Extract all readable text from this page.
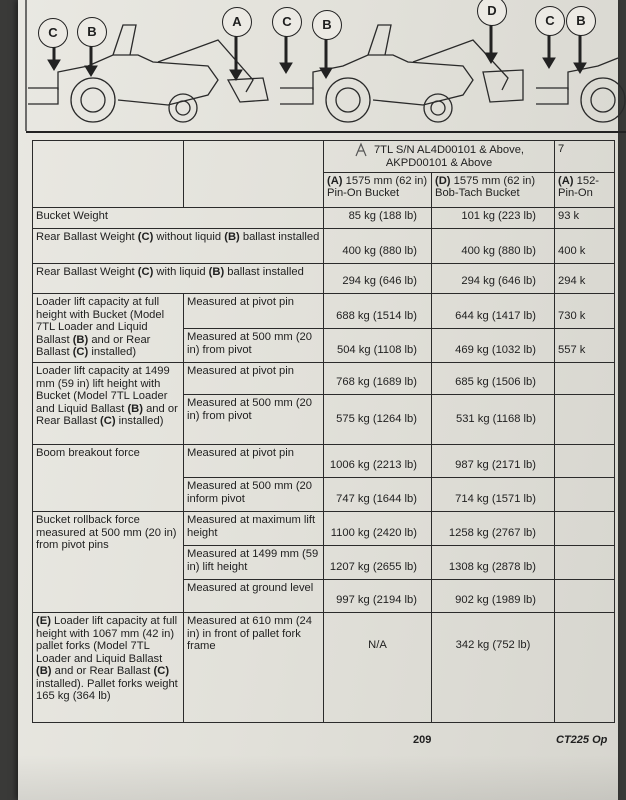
C	B
A	C	B
D
C	B
		7TL S/N AL4D00101 & Above,
AKPD00101 & Above		7
		(A) 1575 mm (62 in) Pin-On Bucket	(D) 1575 mm (62 in) Bob-Tach Bucket	(A) 152- Pin-On
Bucket Weight		85 kg (188 lb)	101 kg (223 lb)	93 k
Rear Ballast Weight (C) without liquid (B) ballast installed		400 kg (880 lb)	400 kg (880 lb)	400 k
Rear Ballast Weight (C) with liquid (B) ballast installed		294 kg (646 lb)	294 kg (646 lb)	294 k
Loader lift capacity at full height with Bucket (Model 7TL Loader and Liquid Ballast (B) and or Rear Ballast (C) installed)	Measured at pivot pin	688 kg (1514 lb)	644 kg (1417 lb)	730 k
	Measured at 500 mm (20 in) from pivot	504 kg (1108 lb)	469 kg (1032 lb)	557 k
Loader lift capacity at 1499 mm (59 in) lift height with Bucket (Model 7TL Loader and Liquid Ballast (B) and or Rear Ballast (C) installed)	Measured at pivot pin	768 kg (1689 lb)	685 kg (1506 lb)	
	Measured at 500 mm (20 in) from pivot	575 kg (1264 lb)	531 kg (1168 lb)	
Boom breakout force	Measured at pivot pin	1006 kg (2213 lb)	987 kg (2171 lb)	
	Measured at 500 mm (20 inform pivot	747 kg (1644 lb)	714 kg (1571 lb)	
Bucket rollback force measured at 500 mm (20 in) from pivot pins	Measured at maximum lift height	1100 kg (2420 lb)	1258 kg (2767 lb)	
	Measured at 1499 mm (59 in) lift height	1207 kg (2655 lb)	1308 kg (2878 lb)	
	Measured at ground level	997 kg (2194 lb)	902 kg (1989 lb)	
(E) Loader lift capacity at full height with 1067 mm (42 in) pallet forks (Model 7TL Loader and Liquid Ballast (B) and or Rear Ballast (C) installed). Pallet forks weight 165 kg (364 lb)	Measured at 610 mm (24 in) in front of pallet fork frame	N/A	342 kg (752 lb)	
209	CT225 Op
